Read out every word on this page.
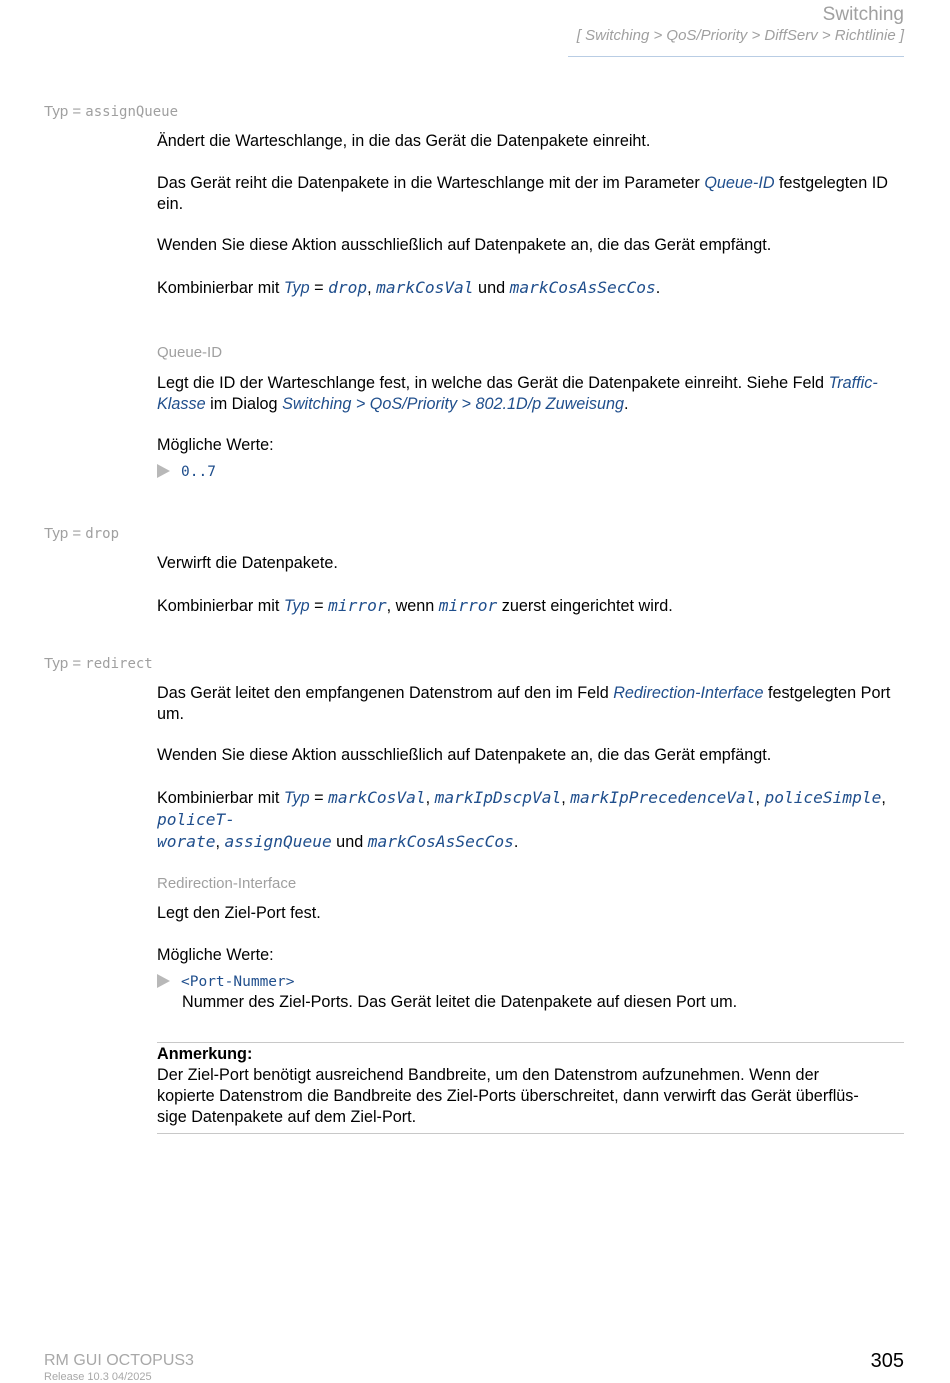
Switching
[ Switching > QoS/Priority > DiffServ > Richtlinie ]
Typ = assignQueue

Ändert die Warteschlange, in die das Gerät die Datenpakete einreiht.

Das Gerät reiht die Datenpakete in die Warteschlange mit der im Parameter Queue-ID festgelegten ID ein.

Wenden Sie diese Aktion ausschließlich auf Datenpakete an, die das Gerät empfängt.

Kombinierbar mit Typ = drop, markCosVal und markCosAsSecCos.

Queue-ID

Legt die ID der Warteschlange fest, in welche das Gerät die Datenpakete einreiht. Siehe Feld Traffic-Klasse im Dialog Switching > QoS/Priority > 802.1D/p Zuweisung.

Mögliche Werte:

0..7
Typ = drop

Verwirft die Datenpakete.

Kombinierbar mit Typ = mirror, wenn mirror zuerst eingerichtet wird.

Typ = redirect

Das Gerät leitet den empfangenen Datenstrom auf den im Feld Redirection-Interface festgelegten Port um.

Wenden Sie diese Aktion ausschließlich auf Datenpakete an, die das Gerät empfängt.

Kombinierbar mit Typ = markCosVal, markIpDscpVal, markIpPrecedenceVal, policeSimple, policeT-
worate, assignQueue und markCosAsSecCos.

Redirection-Interface

Legt den Ziel-Port fest.

Mögliche Werte:

<Port-Nummer>
Nummer des Ziel-Ports. Das Gerät leitet die Datenpakete auf diesen Port um.
Anmerkung:

Der Ziel-Port benötigt ausreichend Bandbreite, um den Datenstrom aufzunehmen. Wenn der
kopierte Datenstrom die Bandbreite des Ziel-Ports überschreitet, dann verwirft das Gerät überflüs-
sige Datenpakete auf dem Ziel-Port.

RM GUI OCTOPUS3
Release 10.3 04/2025
305
